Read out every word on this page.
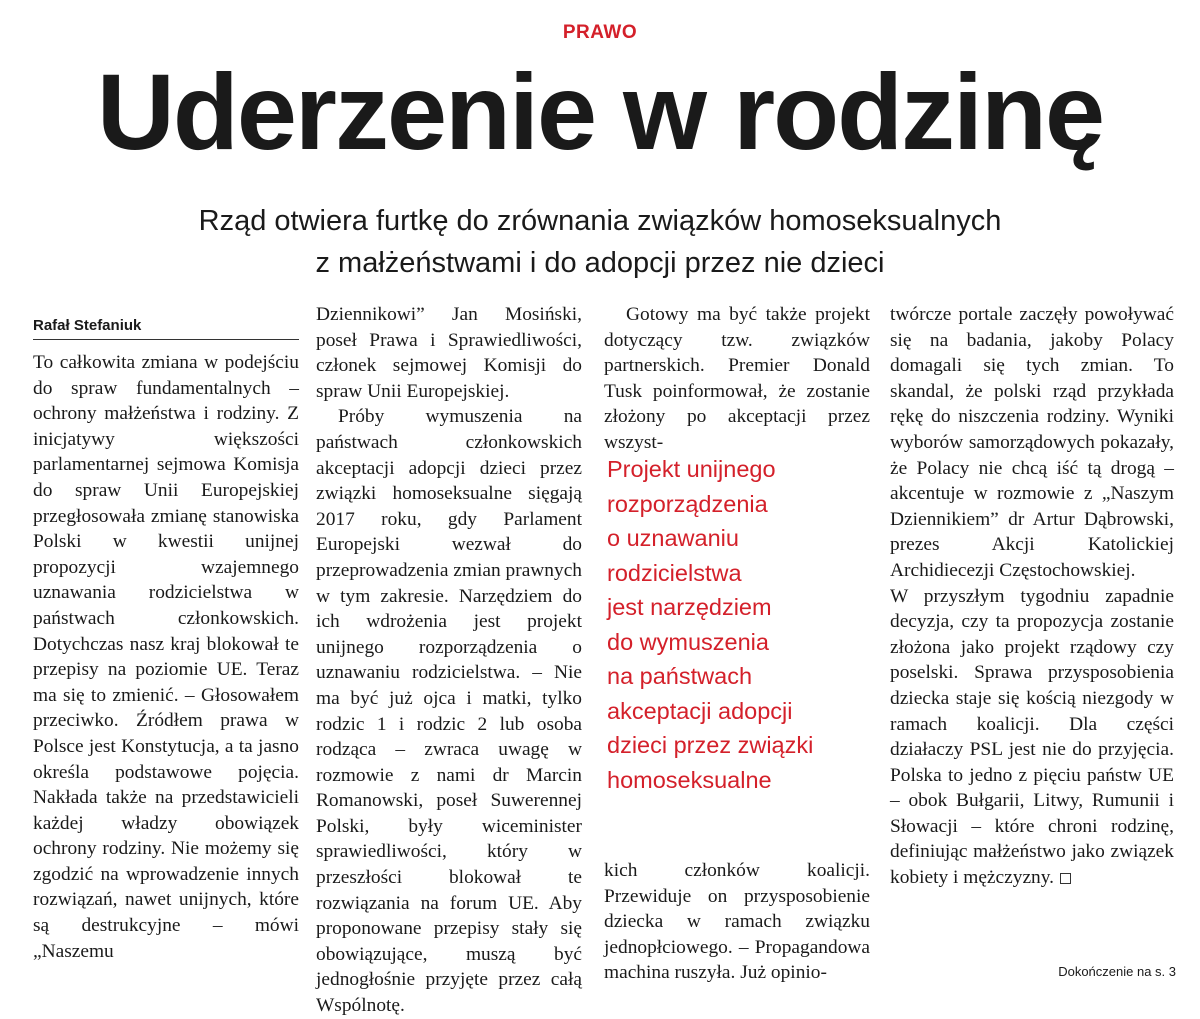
PRAWO
Uderzenie w rodzinę
Rząd otwiera furtkę do zrównania związków homoseksualnych
z małżeństwami i do adopcji przez nie dzieci
Rafał Stefaniuk

To całkowita zmiana w podejściu do spraw fundamentalnych – ochrony małżeństwa i rodziny. Z inicjatywy większości parlamentarnej sejmowa Komisja do spraw Unii Europejskiej przegłosowała zmianę stanowiska Polski w kwestii unijnej propozycji wzajemnego uznawania rodzicielstwa w państwach członkowskich. Dotychczas nasz kraj blokował te przepisy na poziomie UE. Teraz ma się to zmienić. – Głosowałem przeciwko. Źródłem prawa w Polsce jest Konstytucja, a ta jasno określa podstawowe pojęcia. Nakłada także na przedstawicieli każdej władzy obowiązek ochrony rodziny. Nie możemy się zgodzić na wprowadzenie innych rozwiązań, nawet unijnych, które są destrukcyjne – mówi „Naszemu

Dziennikowi” Jan Mosiński, poseł Prawa i Sprawiedliwości, członek sejmowej Komisji do spraw Unii Europejskiej.

Próby wymuszenia na państwach członkowskich akceptacji adopcji dzieci przez związki homoseksualne sięgają 2017 roku, gdy Parlament Europejski wezwał do przeprowadzenia zmian prawnych w tym zakresie. Narzędziem do ich wdrożenia jest projekt unijnego rozporządzenia o uznawaniu rodzicielstwa. – Nie ma być już ojca i matki, tylko rodzic 1 i rodzic 2 lub osoba rodząca – zwraca uwagę w rozmowie z nami dr Marcin Romanowski, poseł Suwerennej Polski, były wiceminister sprawiedliwości, który w przeszłości blokował te rozwiązania na forum UE. Aby proponowane przepisy stały się obowiązujące, muszą być jednogłośnie przyjęte przez całą Wspólnotę.

Gotowy ma być także projekt dotyczący tzw. związków partnerskich. Premier Donald Tusk poinformował, że zostanie złożony po akceptacji przez wszyst-

kich członków koalicji. Przewiduje on przysposobienie dziecka w ramach związku jednopłciowego. – Propagandowa machina ruszyła. Już opinio-

Projekt unijnego
rozporządzenia
o uznawaniu
rodzicielstwa
jest narzędziem
do wymuszenia
na państwach
akceptacji adopcji
dzieci przez związki
homoseksualne

twórcze portale zaczęły powoływać się na badania, jakoby Polacy domagali się tych zmian. To skandal, że polski rząd przykłada rękę do niszczenia rodziny. Wyniki wyborów samorządowych pokazały, że Polacy nie chcą iść tą drogą – akcentuje w rozmowie z „Naszym Dziennikiem” dr Artur Dąbrowski, prezes Akcji Katolickiej Archidiecezji Częstochowskiej.

W przyszłym tygodniu zapadnie decyzja, czy ta propozycja zostanie złożona jako projekt rządowy czy poselski. Sprawa przysposobienia dziecka staje się kością niezgody w ramach koalicji. Dla części działaczy PSL jest nie do przyjęcia. Polska to jedno z pięciu państw UE – obok Bułgarii, Litwy, Rumunii i Słowacji – które chroni rodzinę, definiując małżeństwo jako związek kobiety i mężczyzny.

Dokończenie na s. 3
